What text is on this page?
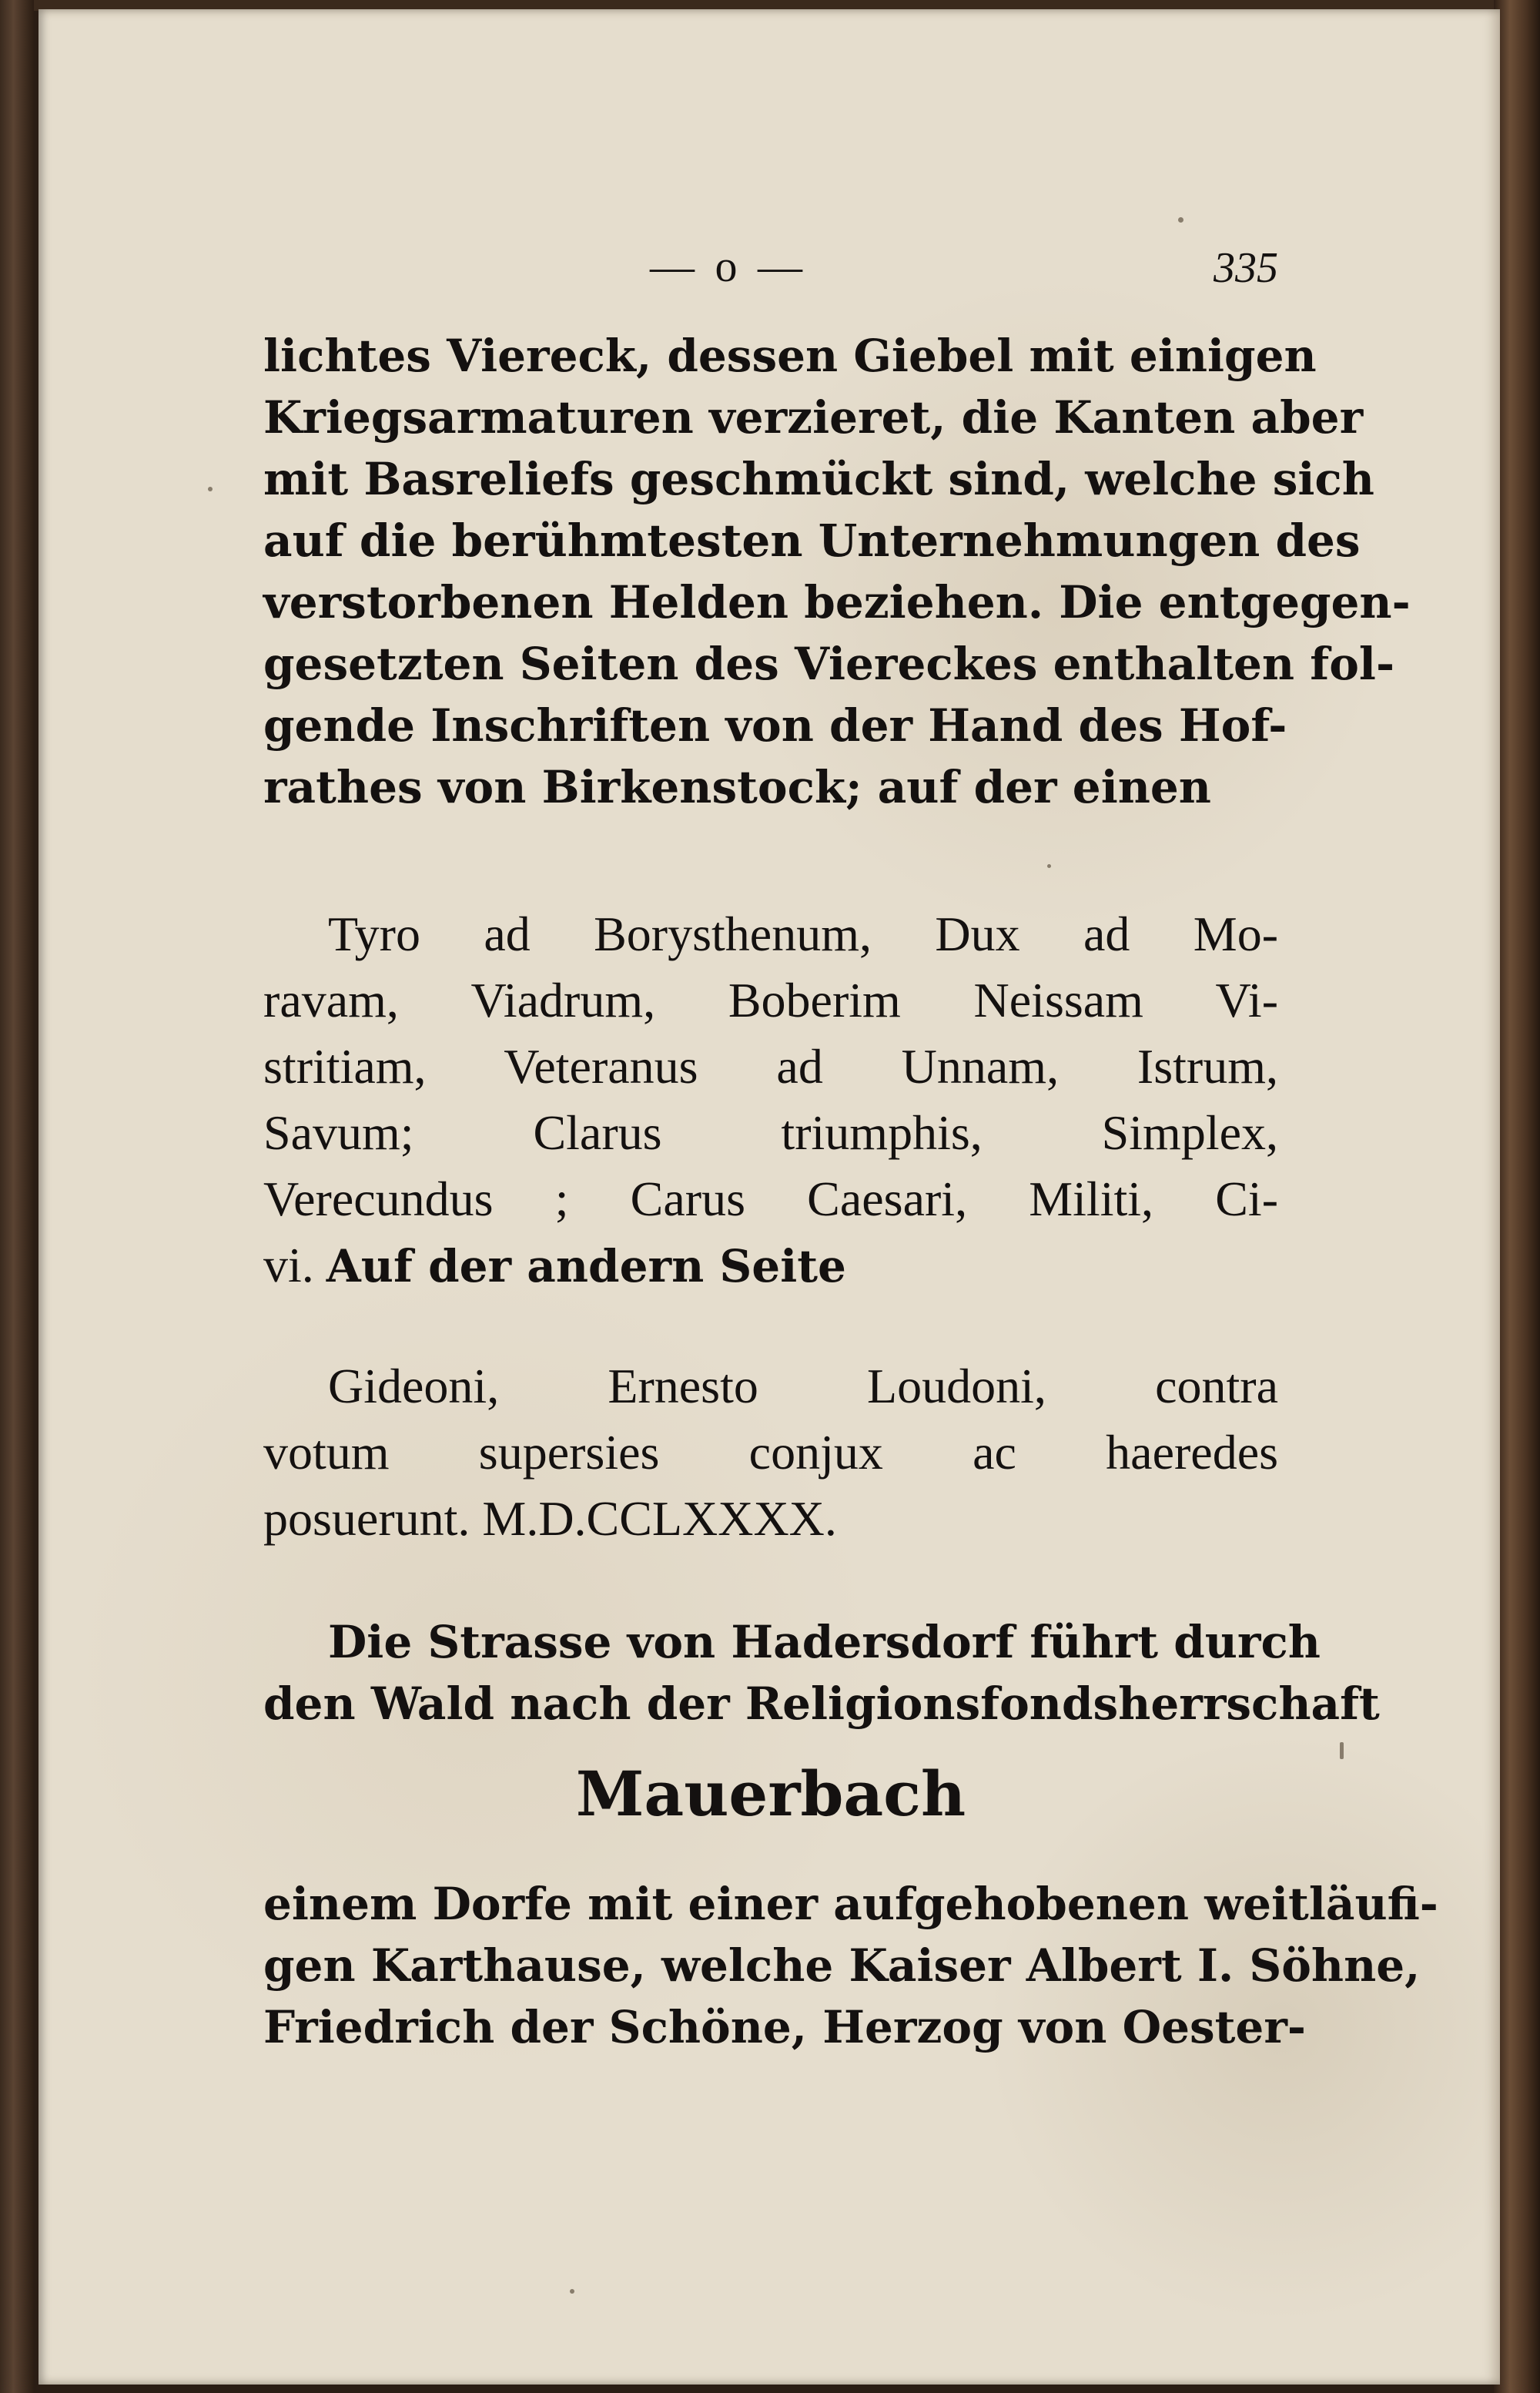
— o —	335
lichtes Viereck, dessen Giebel mit einigen
Kriegsarmaturen verzieret, die Kanten aber
mit Basreliefs geschmückt sind, welche sich
auf die berühmtesten Unternehmungen des
verstorbenen Helden beziehen. Die entgegen-
gesetzten Seiten des Viereckes enthalten fol-
gende Inschriften von der Hand des Hof-
rathes von Birkenstock; auf der einen
Tyro ad Borysthenum, Dux ad Mo-
ravam, Viadrum, Boberim Neissam Vi-
stritiam, Veteranus ad Unnam, Istrum,
Savum; Clarus triumphis, Simplex,
Verecundus ; Carus Caesari, Militi, Ci-
vi. Auf der andern Seite
Gideoni, Ernesto Loudoni, contra
votum supersies conjux ac haeredes
posuerunt. M.D.CCLXXXX.
Die Strasse von Hadersdorf führt durch
den Wald nach der Religionsfondsherrschaft
Mauerbach
einem Dorfe mit einer aufgehobenen weitläufi-
gen Karthause, welche Kaiser Albert I. Söhne,
Friedrich der Schöne, Herzog von Oester-
